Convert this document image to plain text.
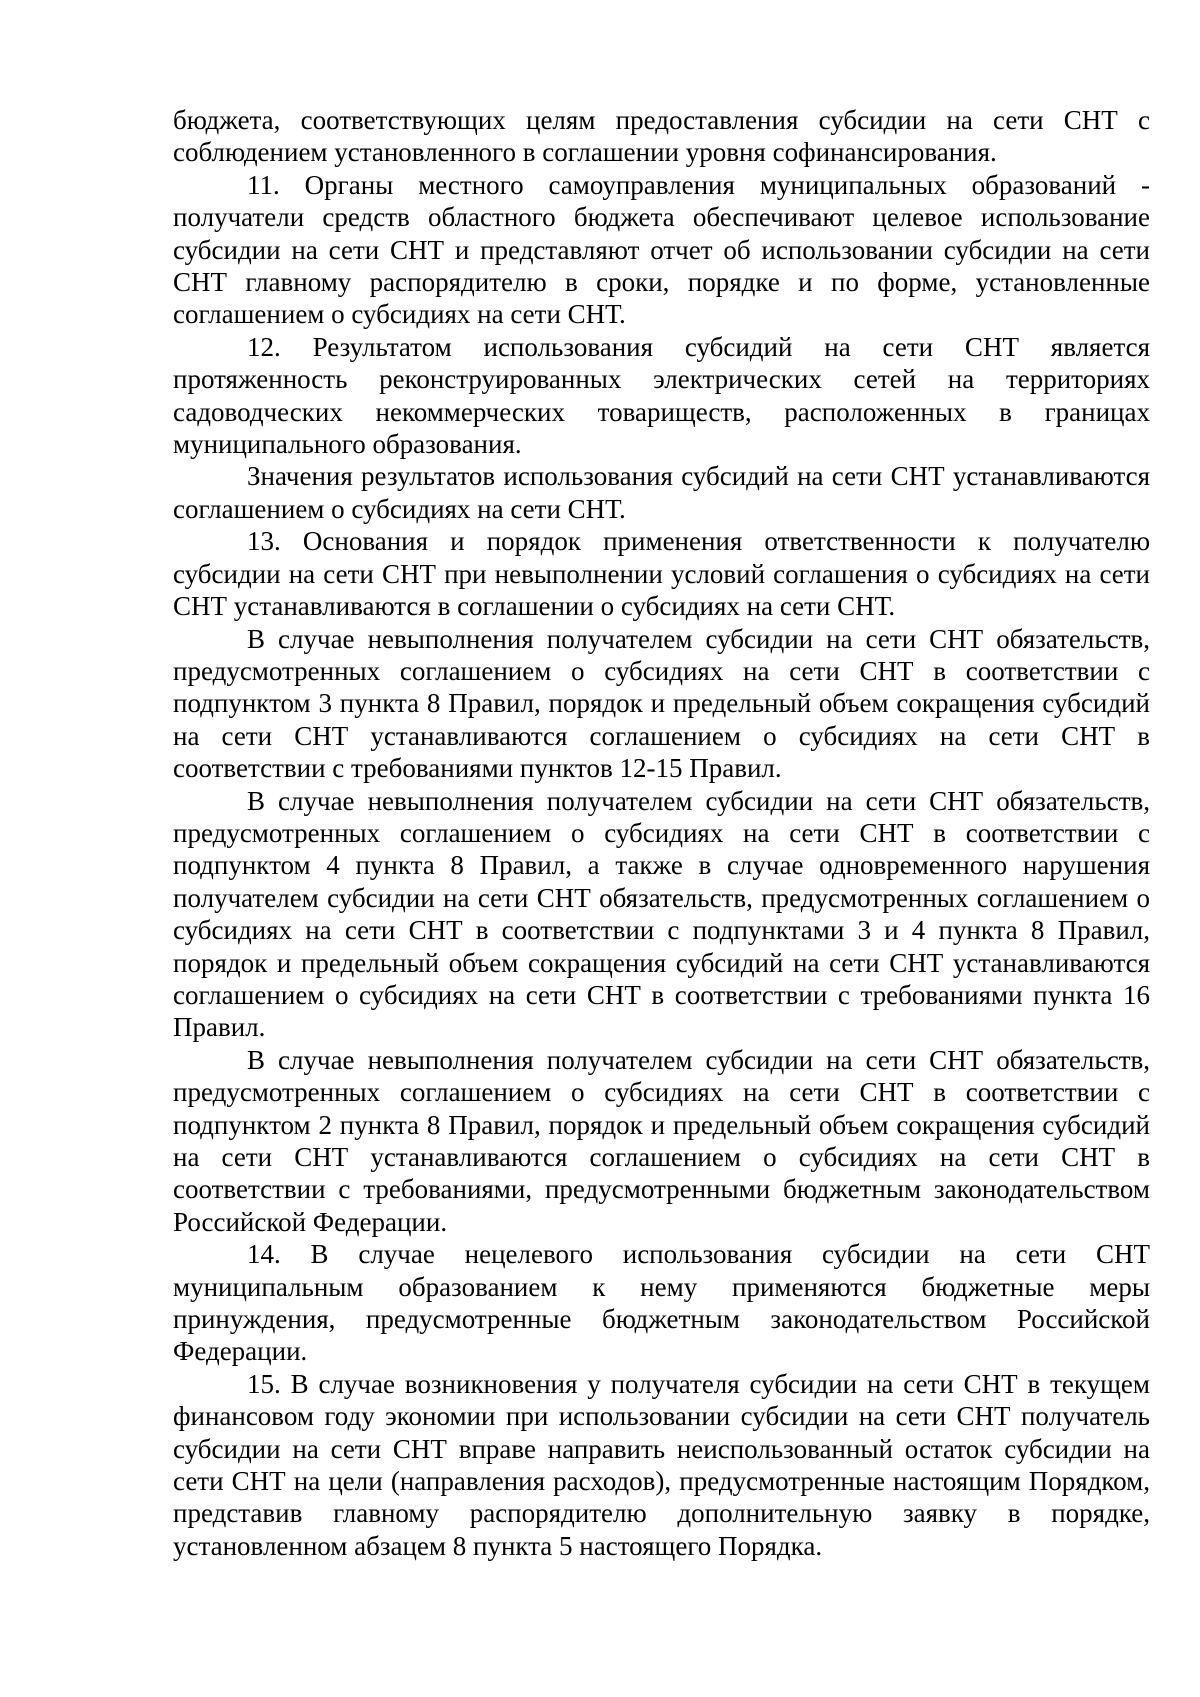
бюджета, соответствующих целям предоставления субсидии на сети СНТ с соблюдением установленного в соглашении уровня софинансирования.

11. Органы местного самоуправления муниципальных образований - получатели средств областного бюджета обеспечивают целевое использование субсидии на сети СНТ и представляют отчет об использовании субсидии на сети СНТ главному распорядителю в сроки, порядке и по форме, установленные соглашением о субсидиях на сети СНТ.

12. Результатом использования субсидий на сети СНТ является протяженность реконструированных электрических сетей на территориях садоводческих некоммерческих товариществ, расположенных в границах муниципального образования.

Значения результатов использования субсидий на сети СНТ устанавливаются соглашением о субсидиях на сети СНТ.

13. Основания и порядок применения ответственности к получателю субсидии на сети СНТ при невыполнении условий соглашения о субсидиях на сети СНТ устанавливаются в соглашении о субсидиях на сети СНТ.

В случае невыполнения получателем субсидии на сети СНТ обязательств, предусмотренных соглашением о субсидиях на сети СНТ в соответствии с подпунктом 3 пункта 8 Правил, порядок и предельный объем сокращения субсидий на сети СНТ устанавливаются соглашением о субсидиях на сети СНТ в соответствии с требованиями пунктов 12-15 Правил.

В случае невыполнения получателем субсидии на сети СНТ обязательств, предусмотренных соглашением о субсидиях на сети СНТ в соответствии с подпунктом 4 пункта 8 Правил, а также в случае одновременного нарушения получателем субсидии на сети СНТ обязательств, предусмотренных соглашением о субсидиях на сети СНТ в соответствии с подпунктами 3 и 4 пункта 8 Правил, порядок и предельный объем сокращения субсидий на сети СНТ устанавливаются соглашением о субсидиях на сети СНТ в соответствии с требованиями пункта 16 Правил.

В случае невыполнения получателем субсидии на сети СНТ обязательств, предусмотренных соглашением о субсидиях на сети СНТ в соответствии с подпунктом 2 пункта 8 Правил, порядок и предельный объем сокращения субсидий на сети СНТ устанавливаются соглашением о субсидиях на сети СНТ в соответствии с требованиями, предусмотренными бюджетным законодательством Российской Федерации.

14. В случае нецелевого использования субсидии на сети СНТ муниципальным образованием к нему применяются бюджетные меры принуждения, предусмотренные бюджетным законодательством Российской Федерации.

15. В случае возникновения у получателя субсидии на сети СНТ в текущем финансовом году экономии при использовании субсидии на сети СНТ получатель субсидии на сети СНТ вправе направить неиспользованный остаток субсидии на сети СНТ на цели (направления расходов), предусмотренные настоящим Порядком, представив главному распорядителю дополнительную заявку в порядке, установленном абзацем 8 пункта 5 настоящего Порядка.
